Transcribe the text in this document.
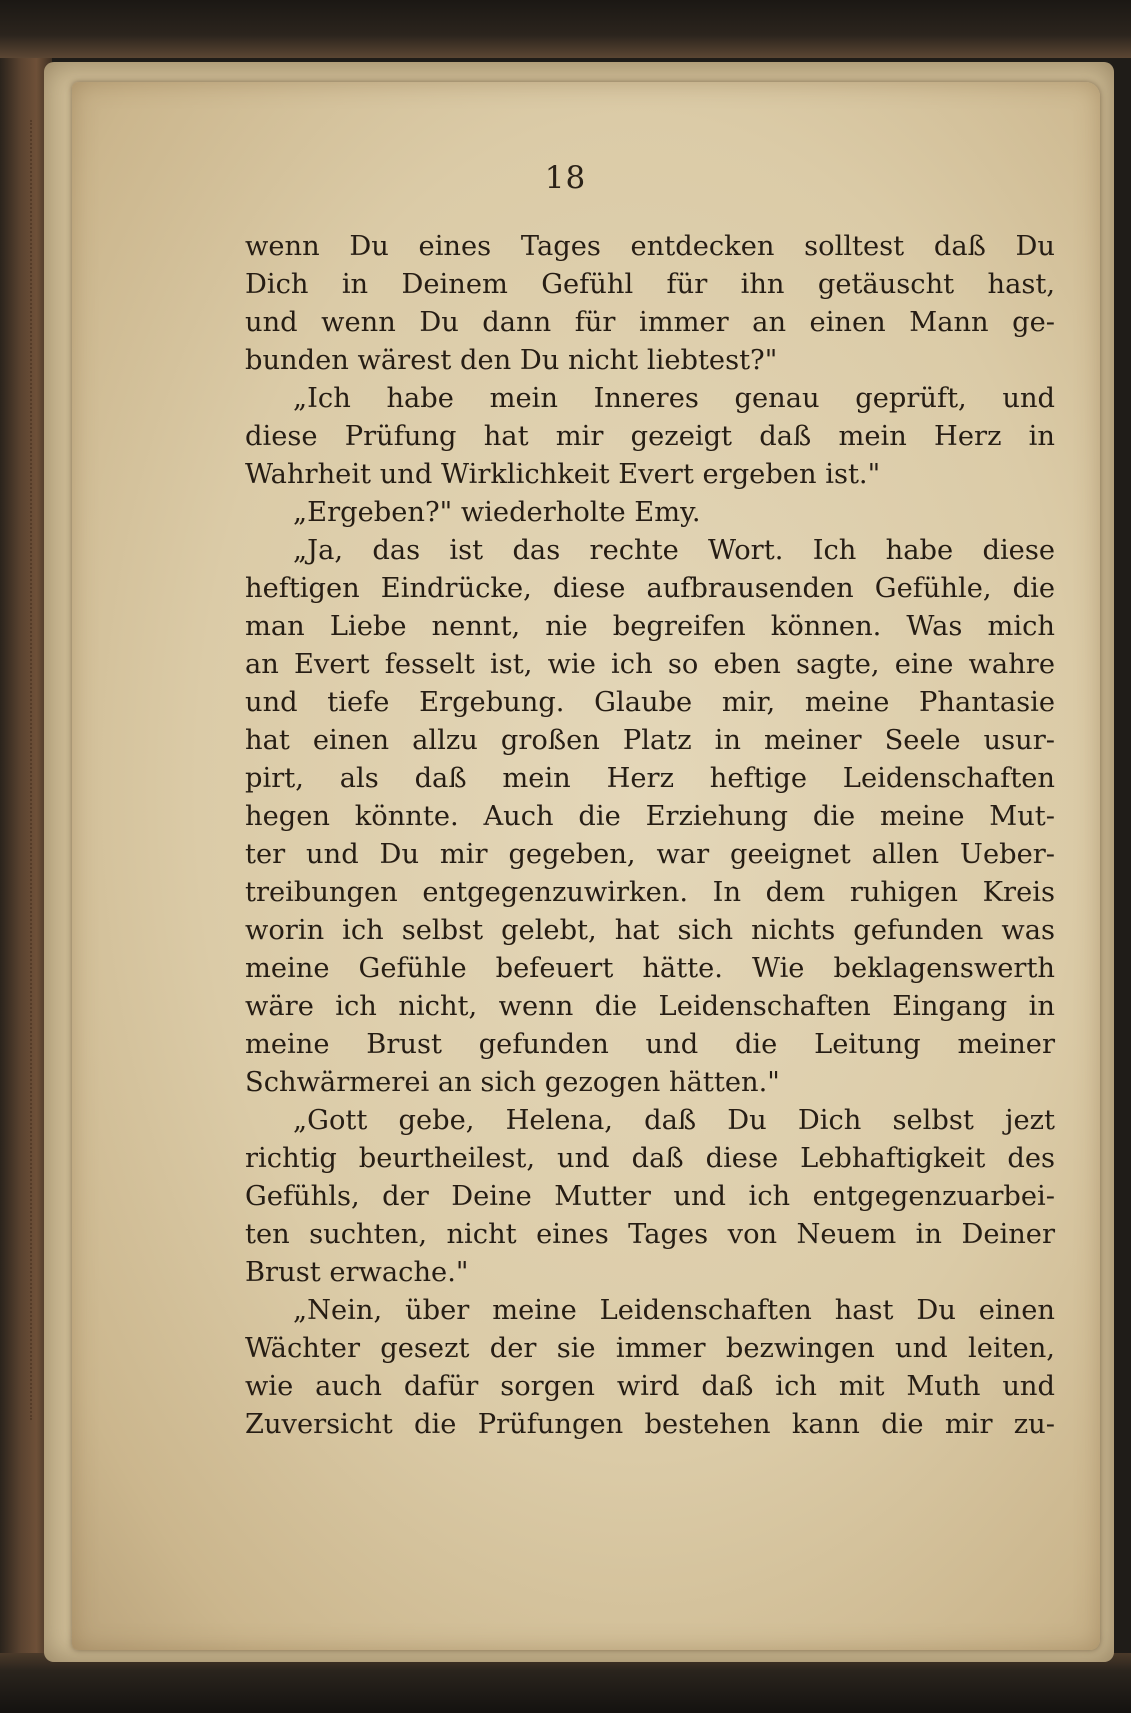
18
wenn Du eines Tages entdecken solltest daß Du
Dich in Deinem Gefühl für ihn getäuscht hast,
und wenn Du dann für immer an einen Mann ge-
bunden wärest den Du nicht liebtest?"
„Ich habe mein Inneres genau geprüft, und
diese Prüfung hat mir gezeigt daß mein Herz in
Wahrheit und Wirklichkeit Evert ergeben ist."
„Ergeben?" wiederholte Emy.
„Ja, das ist das rechte Wort. Ich habe diese
heftigen Eindrücke, diese aufbrausenden Gefühle, die
man Liebe nennt, nie begreifen können. Was mich
an Evert fesselt ist, wie ich so eben sagte, eine wahre
und tiefe Ergebung. Glaube mir, meine Phantasie
hat einen allzu großen Platz in meiner Seele usur-
pirt, als daß mein Herz heftige Leidenschaften
hegen könnte. Auch die Erziehung die meine Mut-
ter und Du mir gegeben, war geeignet allen Ueber-
treibungen entgegenzuwirken. In dem ruhigen Kreis
worin ich selbst gelebt, hat sich nichts gefunden was
meine Gefühle befeuert hätte. Wie beklagenswerth
wäre ich nicht, wenn die Leidenschaften Eingang in
meine Brust gefunden und die Leitung meiner
Schwärmerei an sich gezogen hätten."
„Gott gebe, Helena, daß Du Dich selbst jezt
richtig beurtheilest, und daß diese Lebhaftigkeit des
Gefühls, der Deine Mutter und ich entgegenzuarbei-
ten suchten, nicht eines Tages von Neuem in Deiner
Brust erwache."
„Nein, über meine Leidenschaften hast Du einen
Wächter gesezt der sie immer bezwingen und leiten,
wie auch dafür sorgen wird daß ich mit Muth und
Zuversicht die Prüfungen bestehen kann die mir zu-
